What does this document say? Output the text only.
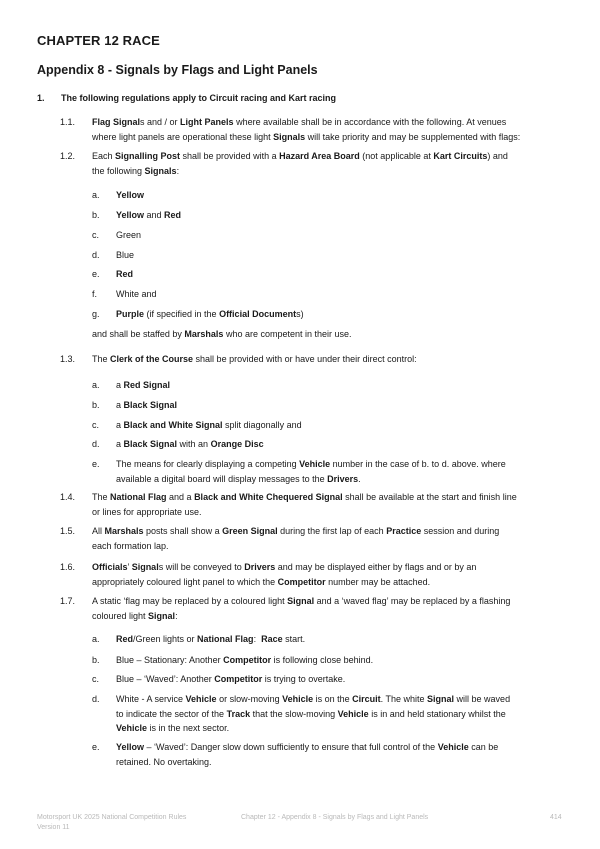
CHAPTER 12 RACE
Appendix 8 - Signals by Flags and Light Panels
1. The following regulations apply to Circuit racing and Kart racing
1.1. Flag Signals and / or Light Panels where available shall be in accordance with the following. At venues
where light panels are operational these light Signals will take priority and may be supplemented with flags:
1.2. Each Signalling Post shall be provided with a Hazard Area Board (not applicable at Kart Circuits) and
the following Signals:
a. Yellow
b. Yellow and Red
c. Green
d. Blue
e. Red
f. White and
g. Purple (if specified in the Official Documents)
and shall be staffed by Marshals who are competent in their use.
1.3. The Clerk of the Course shall be provided with or have under their direct control:
a. a Red Signal
b. a Black Signal
c. a Black and White Signal split diagonally and
d. a Black Signal with an Orange Disc
e. The means for clearly displaying a competing Vehicle number in the case of b. to d. above. where
available a digital board will display messages to the Drivers.
1.4. The National Flag and a Black and White Chequered Signal shall be available at the start and finish line
or lines for appropriate use.
1.5. All Marshals posts shall show a Green Signal during the first lap of each Practice session and during
each formation lap.
1.6. Officials’ Signals will be conveyed to Drivers and may be displayed either by flags and or by an
appropriately coloured light panel to which the Competitor number may be attached.
1.7. A static ‘flag may be replaced by a coloured light Signal and a ‘waved flag’ may be replaced by a flashing
coloured light Signal:
a. Red/Green lights or National Flag:  Race start.
b. Blue – Stationary: Another Competitor is following close behind.
c. Blue – ‘Waved’: Another Competitor is trying to overtake.
d. White - A service Vehicle or slow-moving Vehicle is on the Circuit. The white Signal will be waved
to indicate the sector of the Track that the slow-moving Vehicle is in and held stationary whilst the
Vehicle is in the next sector.
e. Yellow – ‘Waved’: Danger slow down sufficiently to ensure that full control of the Vehicle can be
retained. No overtaking.
Motorsport UK 2025 National Competition Rules
Version 11
Chapter 12 - Appendix 8 - Signals by Flags and Light Panels	414
